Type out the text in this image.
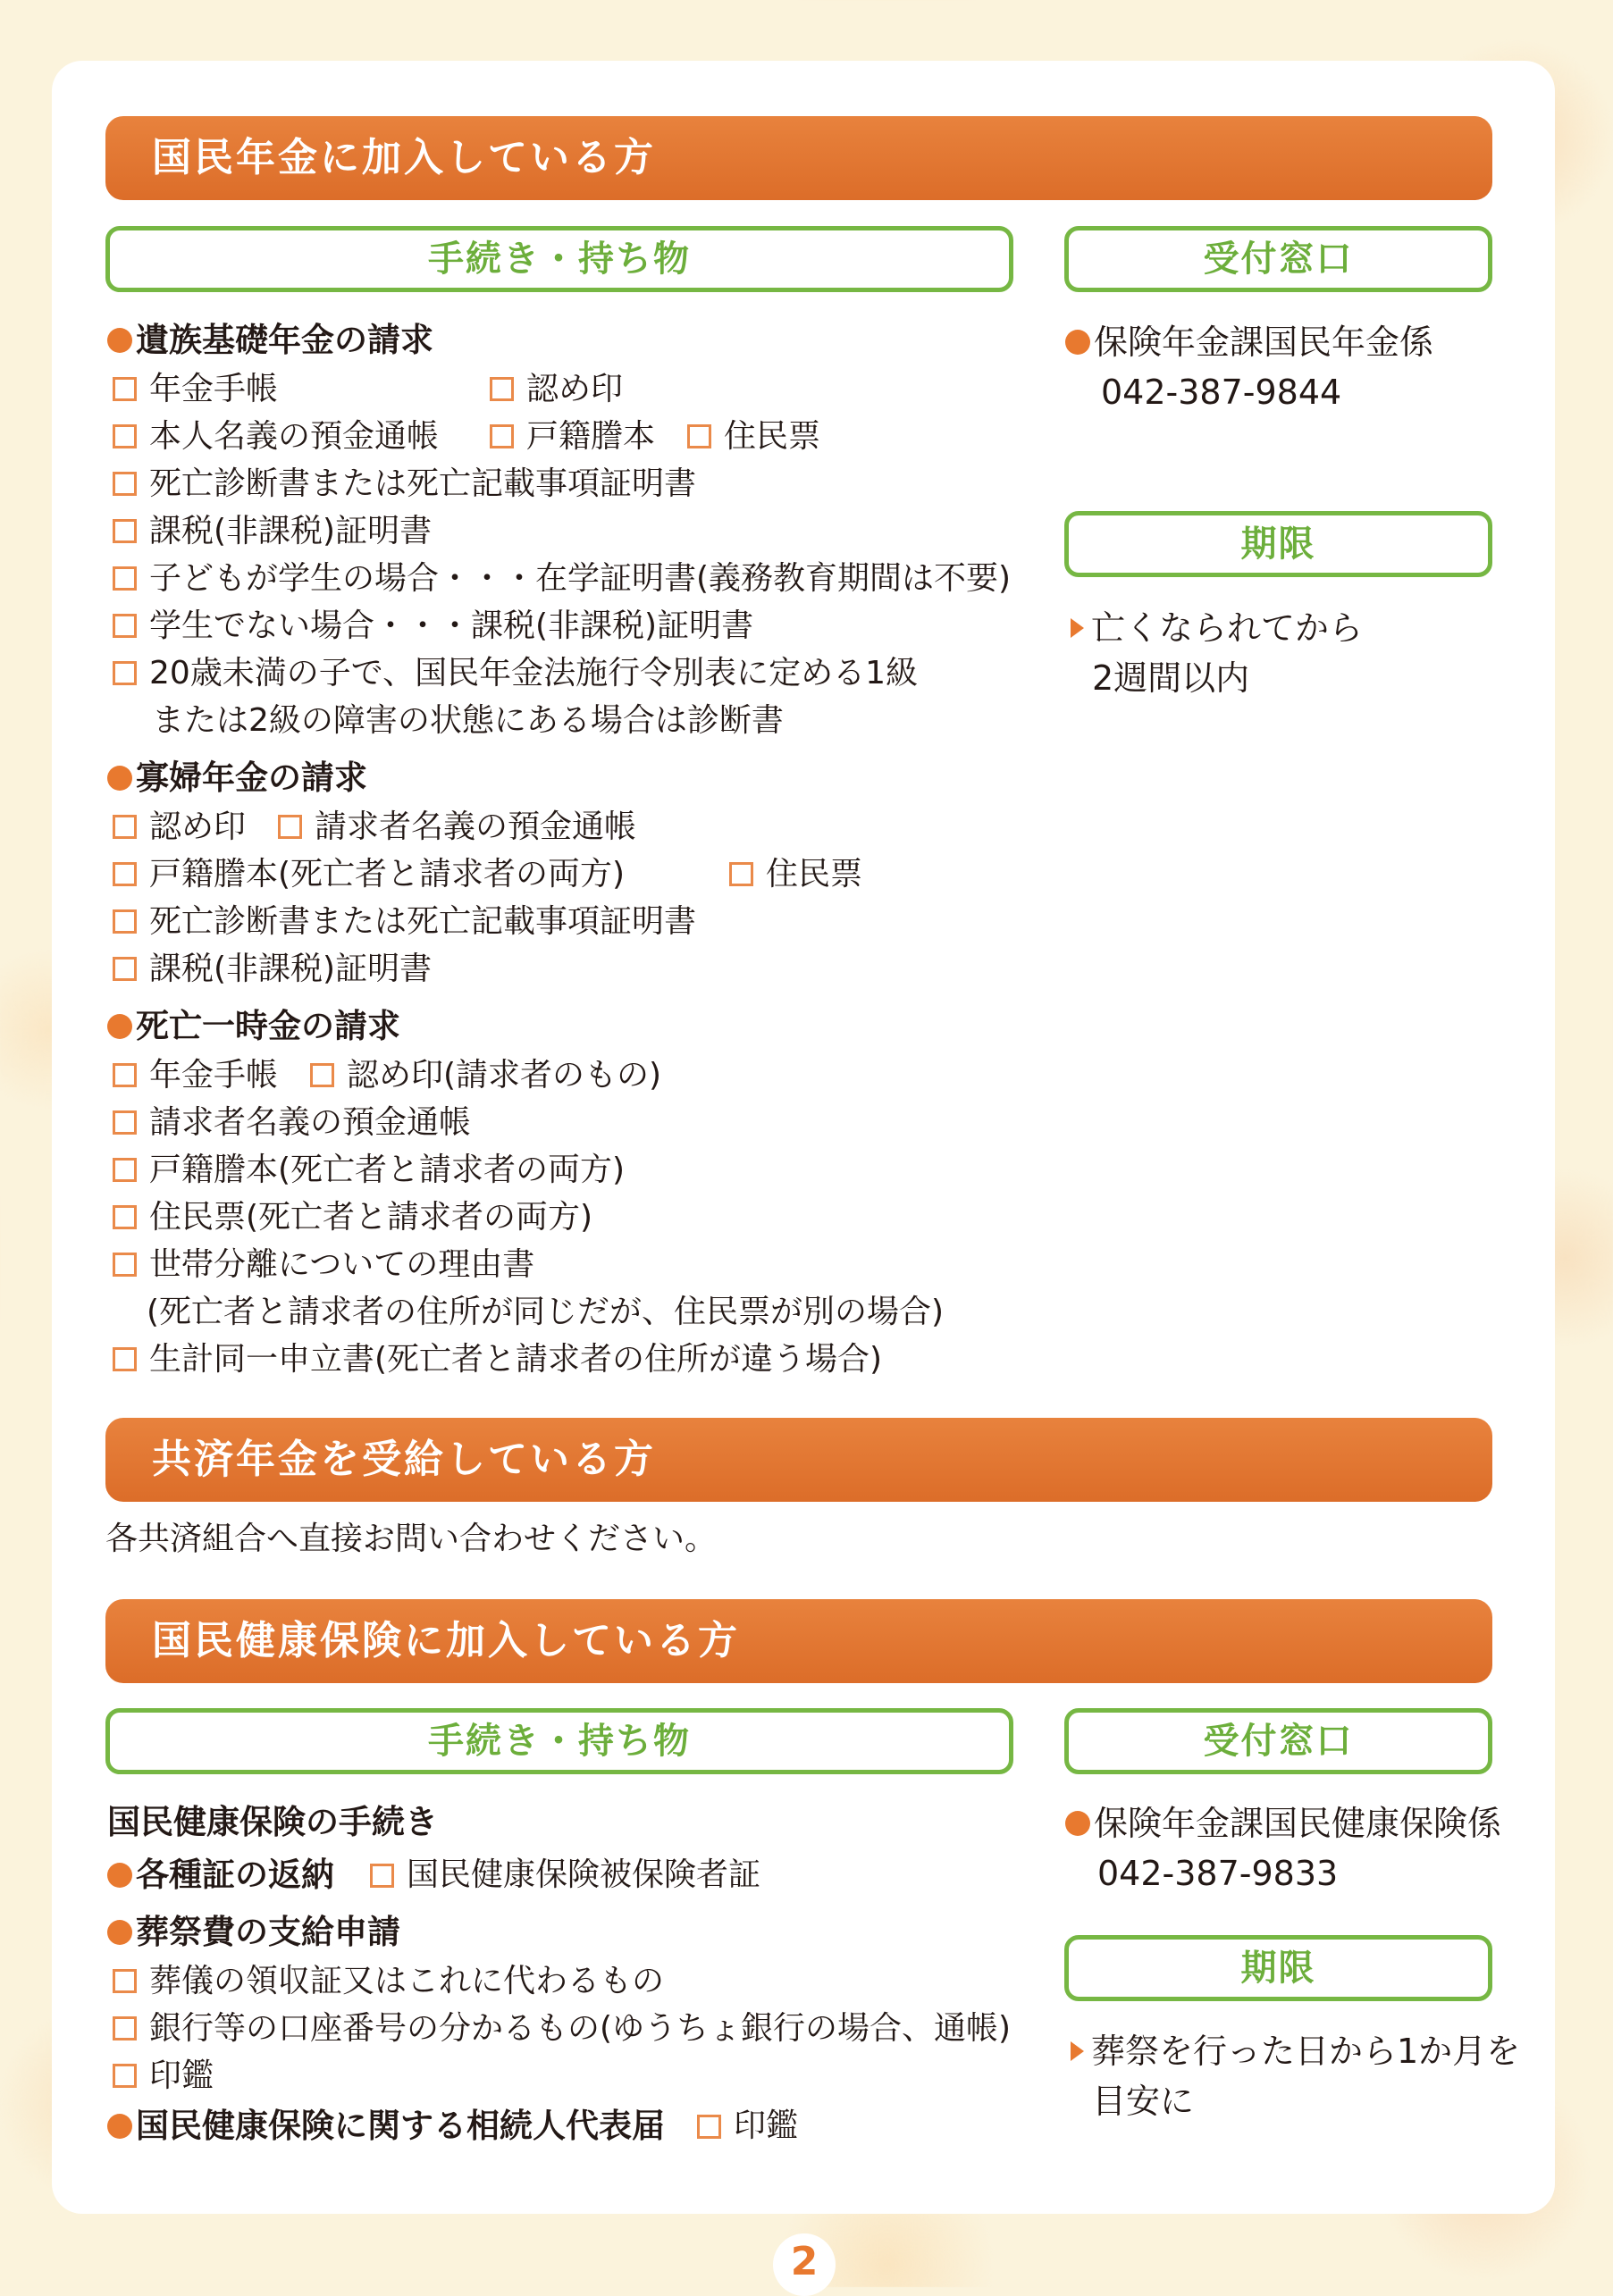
国民年金に加入している方
手続き・持ち物	受付窓口
遺族基礎年金の請求
年金手帳	認め印
本人名義の預金通帳	戸籍謄本 住民票
死亡診断書または死亡記載事項証明書
課税(非課税)証明書
子どもが学生の場合・・・在学証明書(義務教育期間は不要)
学生でない場合・・・課税(非課税)証明書
20歳未満の子で、国民年金法施行令別表に定める1級
または2級の障害の状態にある場合は診断書
寡婦年金の請求
認め印 請求者名義の預金通帳
戸籍謄本(死亡者と請求者の両方)	住民票
死亡診断書または死亡記載事項証明書
課税(非課税)証明書
死亡一時金の請求
年金手帳 認め印(請求者のもの)
請求者名義の預金通帳
戸籍謄本(死亡者と請求者の両方)
住民票(死亡者と請求者の両方)
世帯分離についての理由書
(死亡者と請求者の住所が同じだが、住民票が別の場合)
生計同一申立書(死亡者と請求者の住所が違う場合)
保険年金課国民年金係
042-387-9844
期限
亡くなられてから
2週間以内
共済年金を受給している方
各共済組合へ直接お問い合わせください。
国民健康保険に加入している方
手続き・持ち物	受付窓口
国民健康保険の手続き
各種証の返納 国民健康保険被保険者証
葬祭費の支給申請
葬儀の領収証又はこれに代わるもの
銀行等の口座番号の分かるもの(ゆうちょ銀行の場合、通帳)
印鑑
国民健康保険に関する相続人代表届 印鑑
保険年金課国民健康保険係
042-387-9833
期限
葬祭を行った日から1か月を
目安に
2
